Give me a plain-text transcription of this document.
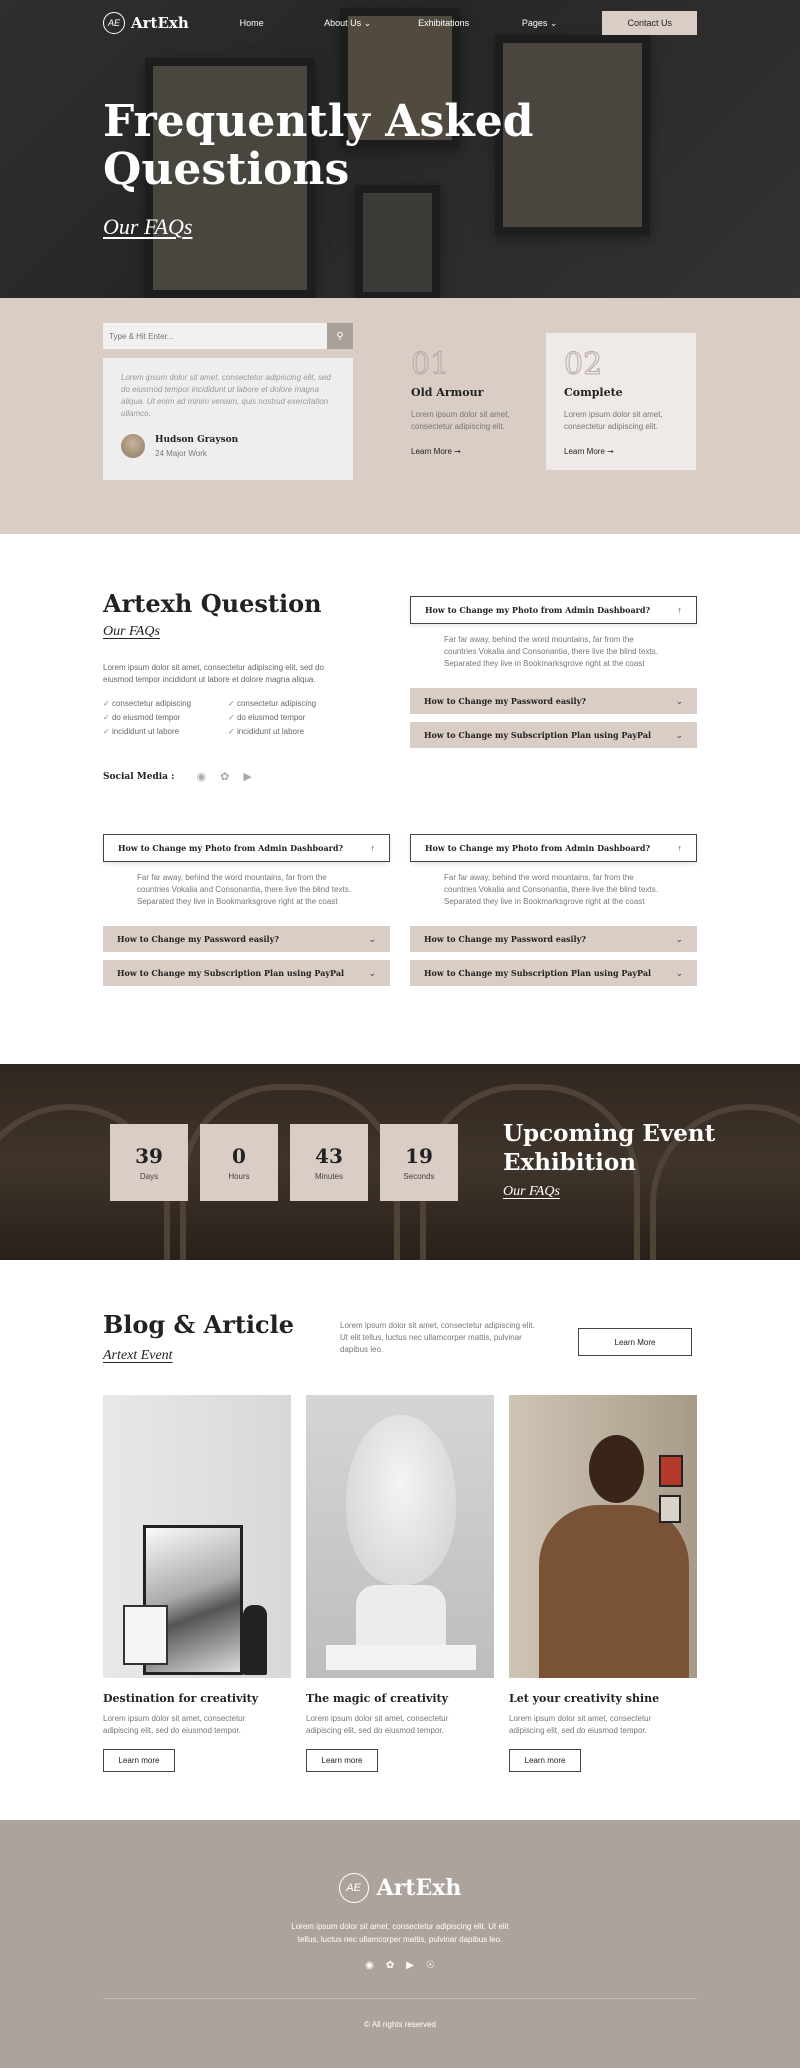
AE ArtExh	Home	About Us ⌄	Exhibitations	Pages ⌄	Contact Us
Frequently Asked Questions
Our FAQs
Type & Hit Enter...
⚲

Lorem ipsum dolor sit amet, consectetur adipiscing elit, sed do eiusmod tempor incididunt ut labore et dolore magna aliqua. Ut enim ad minim veniam, quis nostrud exercitation ullamco.

Hudson Grayson
24 Major Work
01
Old Armour
Lorem ipsum dolor sit amet, consectetur adipiscing elit.
Learn More ➞
02
Complete
Lorem ipsum dolor sit amet, consectetur adipiscing elit.
Learn More ➞
Artexh Question
Our FAQs

Lorem ipsum dolor sit amet, consectetur adipiscing elit, sed do eiusmod tempor incididunt ut labore et dolore magna aliqua.

✓ consectetur adipiscing	✓ consectetur adipiscing
✓ do eiusmod tempor	✓ do eiusmod tempor
✓ incididunt ut labore	✓ incididunt ut labore
Social Media : ◉ ✿ ▶
How to Change my Photo from Admin Dashboard?	↑
Far far away, behind the word mountains, far from the countries Vokalia and Consonantia, there live the blind texts. Separated they live in Bookmarksgrove right at the coast
How to Change my Password easily?	⌄
How to Change my Subscription Plan using PayPal	⌄
How to Change my Photo from Admin Dashboard?	↑
Far far away, behind the word mountains, far from the countries Vokalia and Consonantia, there live the blind texts. Separated they live in Bookmarksgrove right at the coast
How to Change my Password easily?	⌄
How to Change my Subscription Plan using PayPal	⌄
How to Change my Photo from Admin Dashboard?	↑
Far far away, behind the word mountains, far from the countries Vokalia and Consonantia, there live the blind texts. Separated they live in Bookmarksgrove right at the coast
How to Change my Password easily?	⌄
How to Change my Subscription Plan using PayPal	⌄
39
Days
0
Hours
43
Minutes
19
Seconds
Upcoming Event Exhibition
Our FAQs
Blog & Article
Artext Event

Lorem ipsum dolor sit amet, consectetur adipiscing elit. Ut elit tellus, luctus nec ullamcorper mattis, pulvinar dapibus leo.

Learn More
Destination for creativity

Lorem ipsum dolor sit amet, consectetur adipiscing elit, sed do eiusmod tempor.

Learn more
The magic of creativity

Lorem ipsum dolor sit amet, consectetur adipiscing elit, sed do eiusmod tempor.

Learn more
Let your creativity shine

Lorem ipsum dolor sit amet, consectetur adipiscing elit, sed do eiusmod tempor.

Learn more
AE ArtExh
Lorem ipsum dolor sit amet, consectetur adipiscing elit. Ut elit tellus, luctus nec ullamcorper mattis, pulvinar dapibus leo.
◉ ✿ ▶ ☉
© All rights reserved
